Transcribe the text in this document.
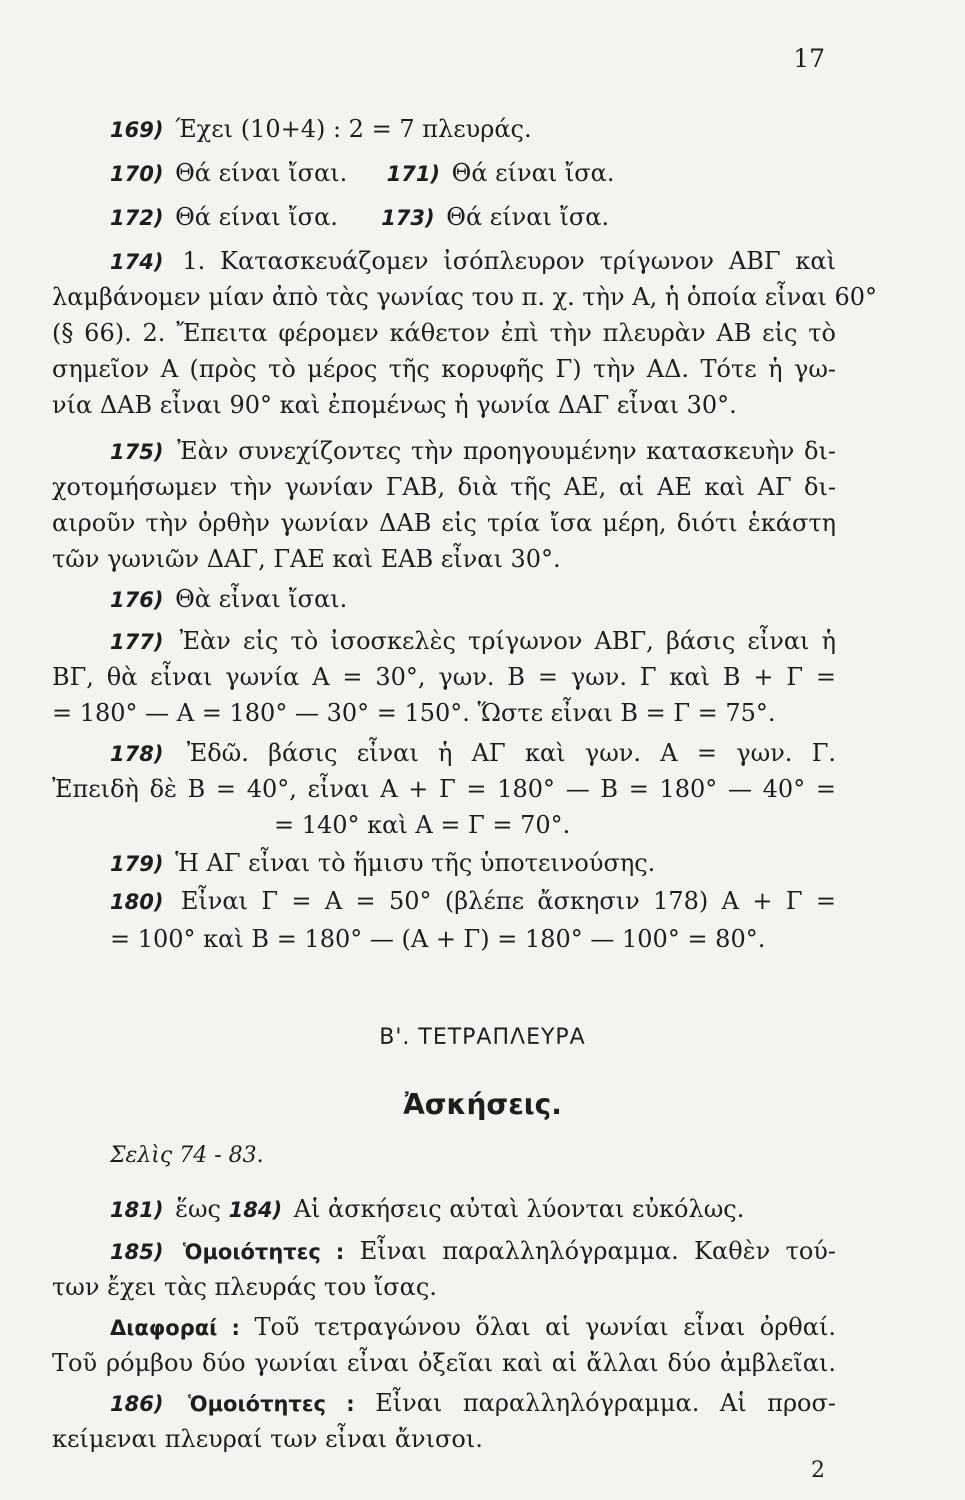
17
169) Έχει (10+4) : 2 = 7 πλευράς.
170) Θά είναι ἴσαι. 171) Θά είναι ἴσα.
172) Θά είναι ἴσα. 173) Θά είναι ἴσα.
174) 1. Κατασκευάζομεν ἰσόπλευρον τρίγωνον ΑΒΓ καὶ
λαμβάνομεν μίαν ἀπὸ τὰς γωνίας του π. χ. τὴν Α, ἡ ὁποία εἶναι 60°
(§ 66). 2. Ἔπειτα φέρομεν κάθετον ἐπὶ τὴν πλευρὰν ΑΒ εἰς τὸ
σημεῖον Α (πρὸς τὸ μέρος τῆς κορυφῆς Γ) τὴν ΑΔ. Τότε ἡ γω-
νία ΔΑΒ εἶναι 90° καὶ ἐπομένως ἡ γωνία ΔΑΓ εἶναι 30°.
175) Ἐὰν συνεχίζοντες τὴν προηγουμένην κατασκευὴν δι-
χοτομήσωμεν τὴν γωνίαν ΓΑΒ, διὰ τῆς ΑΕ, αἱ ΑΕ καὶ ΑΓ δι-
αιροῦν τὴν ὀρθὴν γωνίαν ΔΑΒ εἰς τρία ἴσα μέρη, διότι ἑκάστη
τῶν γωνιῶν ΔΑΓ, ΓΑΕ καὶ ΕΑΒ εἶναι 30°.
176) Θὰ εἶναι ἴσαι.
177) Ἐὰν εἰς τὸ ἰσοσκελὲς τρίγωνον ΑΒΓ, βάσις εἶναι ἡ
ΒΓ, θὰ εἶναι γωνία Α = 30°, γων. Β = γων. Γ καὶ Β + Γ =
= 180° — Α = 180° — 30° = 150°. Ὥστε εἶναι Β = Γ = 75°.
178) Ἐδῶ. βάσις εἶναι ἡ ΑΓ καὶ γων. Α = γων. Γ.
Ἐπειδὴ δὲ Β = 40°, εἶναι Α + Γ = 180° — Β = 180° — 40° =
= 140° καὶ Α = Γ = 70°.
179) Ἡ ΑΓ εἶναι τὸ ἥμισυ τῆς ὑποτεινούσης.
180) Εἶναι Γ = Α = 50° (βλέπε ἄσκησιν 178) Α + Γ =
= 100° καὶ Β = 180° — (Α + Γ) = 180° — 100° = 80°.
Β'. ΤΕΤΡΑΠΛΕΥΡΑ
Ἀσκήσεις.
Σελὶς 74 - 83.
181) ἕως 184) Αἱ ἀσκήσεις αὐταὶ λύονται εὐκόλως.
185) Ὁμοιότητες : Εἶναι παραλληλόγραμμα. Καθὲν τού-
των ἔχει τὰς πλευράς του ἴσας.
Διαφοραί : Τοῦ τετραγώνου ὅλαι αἱ γωνίαι εἶναι ὀρθαί.
Τοῦ ρόμβου δύο γωνίαι εἶναι ὀξεῖαι καὶ αἱ ἄλλαι δύο ἀμβλεῖαι.
186) Ὁμοιότητες : Εἶναι παραλληλόγραμμα. Αἱ προσ-
κείμεναι πλευραί των εἶναι ἄνισοι.
2
